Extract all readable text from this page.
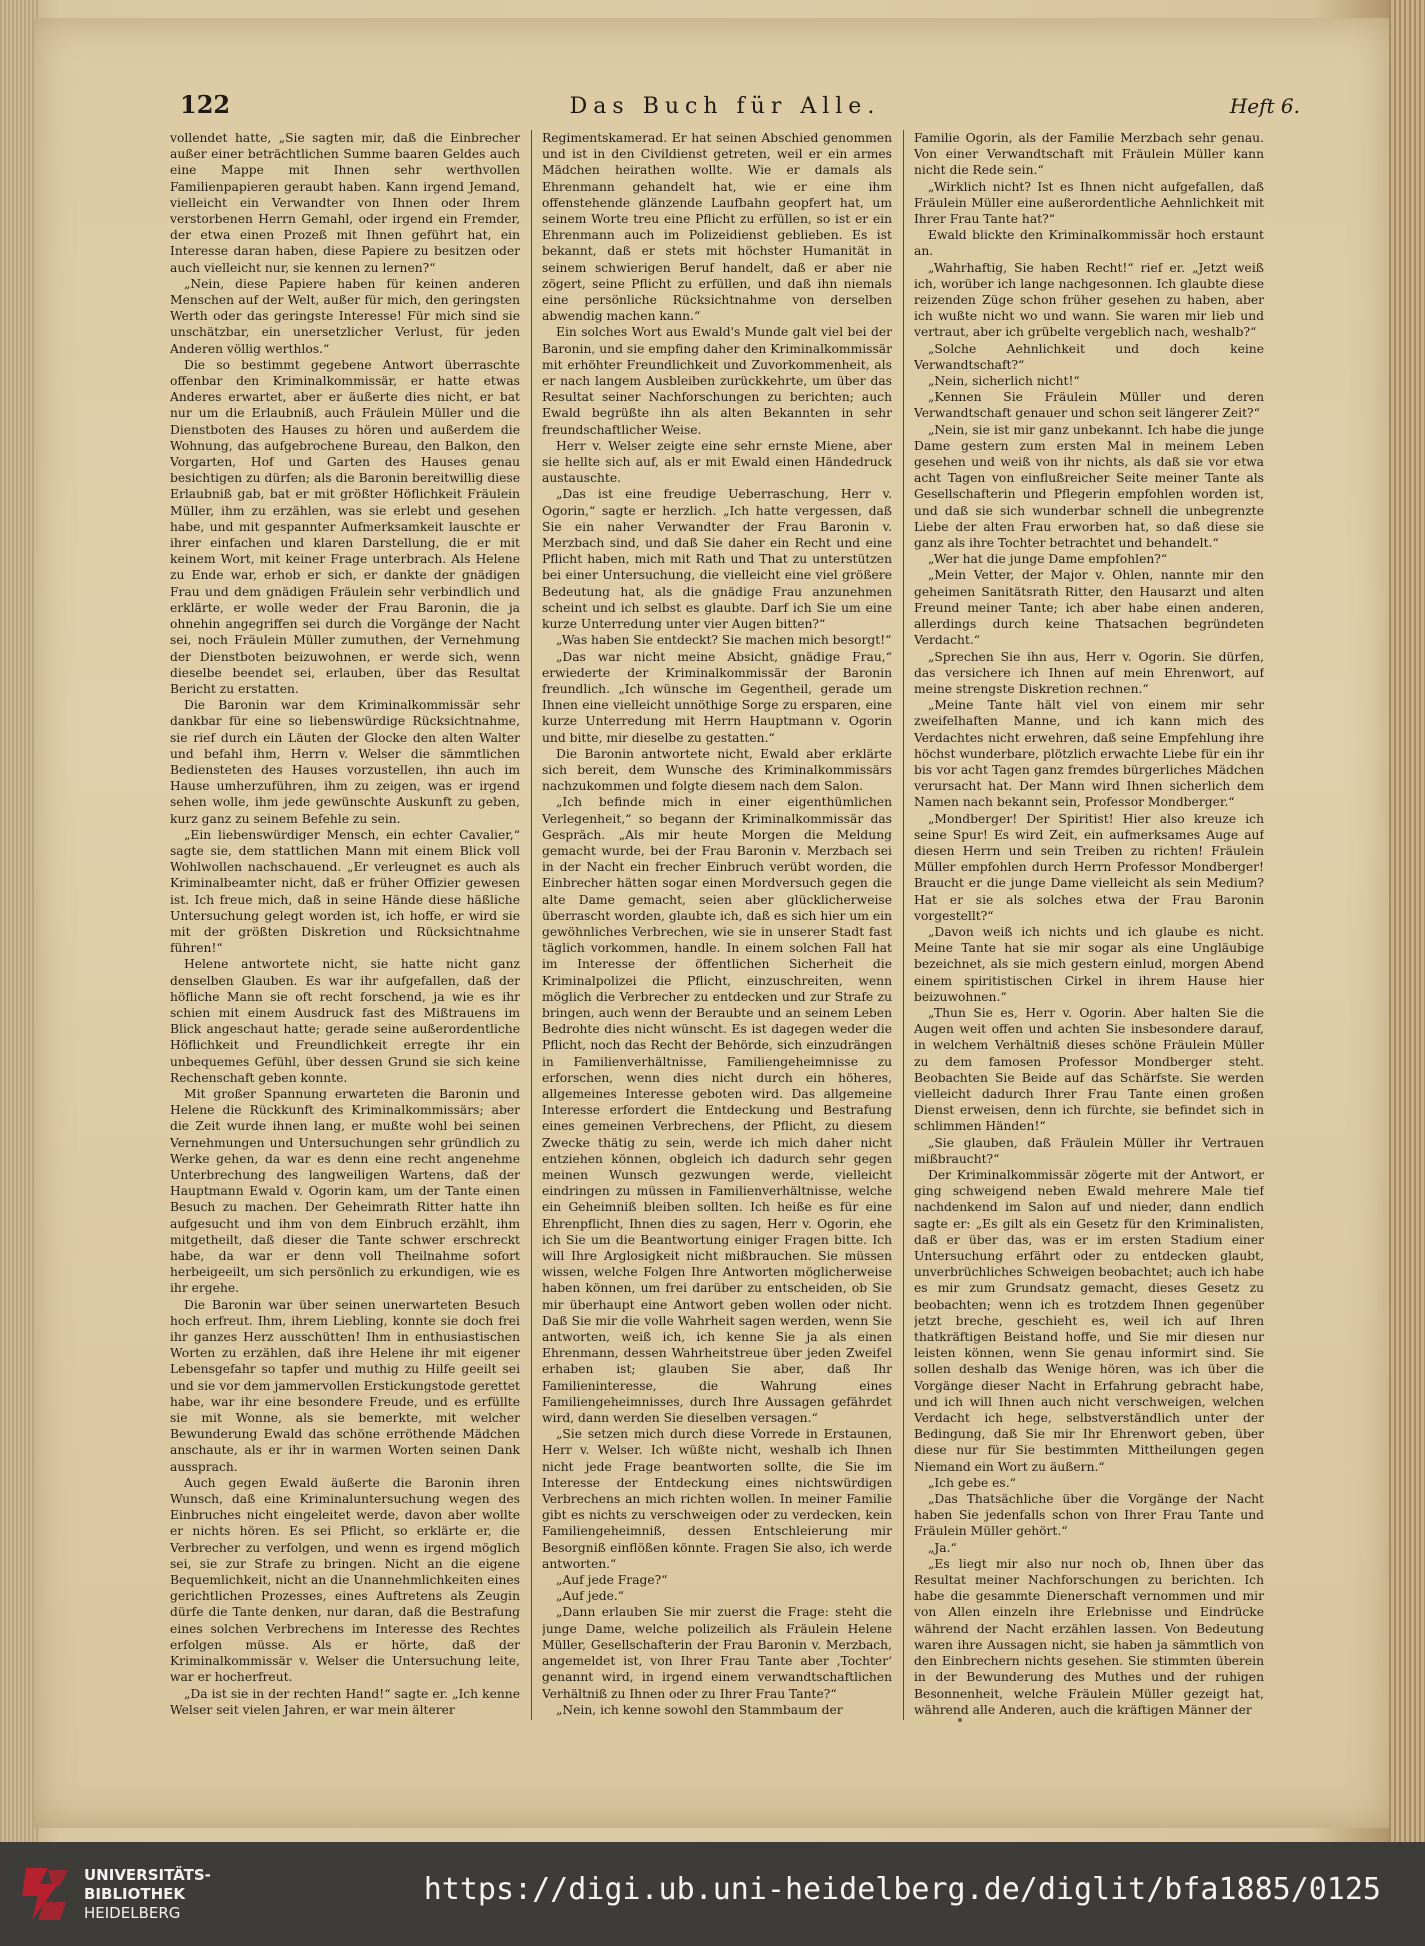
122	Das Buch für Alle.	Heft 6.

vollendet hatte, „Sie sagten mir, daß die Einbrecher außer einer beträchtlichen Summe baaren Geldes auch eine Mappe mit Ihnen sehr werthvollen Familienpapieren geraubt haben. Kann irgend Jemand, vielleicht ein Verwandter von Ihnen oder Ihrem verstorbenen Herrn Gemahl, oder irgend ein Fremder, der etwa einen Prozeß mit Ihnen geführt hat, ein Interesse daran haben, diese Papiere zu besitzen oder auch vielleicht nur, sie kennen zu lernen?“

„Nein, diese Papiere haben für keinen anderen Menschen auf der Welt, außer für mich, den geringsten Werth oder das geringste Interesse! Für mich sind sie unschätzbar, ein unersetzlicher Verlust, für jeden Anderen völlig werthlos.“

Die so bestimmt gegebene Antwort überraschte offenbar den Kriminalkommissär, er hatte etwas Anderes erwartet, aber er äußerte dies nicht, er bat nur um die Erlaubniß, auch Fräulein Müller und die Dienstboten des Hauses zu hören und außerdem die Wohnung, das aufgebrochene Bureau, den Balkon, den Vorgarten, Hof und Garten des Hauses genau besichtigen zu dürfen; als die Baronin bereitwillig diese Erlaubniß gab, bat er mit größter Höflichkeit Fräulein Müller, ihm zu erzählen, was sie erlebt und gesehen habe, und mit gespannter Aufmerksamkeit lauschte er ihrer einfachen und klaren Darstellung, die er mit keinem Wort, mit keiner Frage unterbrach. Als Helene zu Ende war, erhob er sich, er dankte der gnädigen Frau und dem gnädigen Fräulein sehr verbindlich und erklärte, er wolle weder der Frau Baronin, die ja ohnehin angegriffen sei durch die Vorgänge der Nacht sei, noch Fräulein Müller zumuthen, der Vernehmung der Dienstboten beizuwohnen, er werde sich, wenn dieselbe beendet sei, erlauben, über das Resultat Bericht zu erstatten.

Die Baronin war dem Kriminalkommissär sehr dankbar für eine so liebenswürdige Rücksichtnahme, sie rief durch ein Läuten der Glocke den alten Walter und befahl ihm, Herrn v. Welser die sämmtlichen Bediensteten des Hauses vorzustellen, ihn auch im Hause umherzuführen, ihm zu zeigen, was er irgend sehen wolle, ihm jede gewünschte Auskunft zu geben, kurz ganz zu seinem Befehle zu sein.

„Ein liebenswürdiger Mensch, ein echter Cavalier,“ sagte sie, dem stattlichen Mann mit einem Blick voll Wohlwollen nachschauend. „Er verleugnet es auch als Kriminalbeamter nicht, daß er früher Offizier gewesen ist. Ich freue mich, daß in seine Hände diese häßliche Untersuchung gelegt worden ist, ich hoffe, er wird sie mit der größten Diskretion und Rücksichtnahme führen!“

Helene antwortete nicht, sie hatte nicht ganz denselben Glauben. Es war ihr aufgefallen, daß der höfliche Mann sie oft recht forschend, ja wie es ihr schien mit einem Ausdruck fast des Mißtrauens im Blick angeschaut hatte; gerade seine außerordentliche Höflichkeit und Freundlichkeit erregte ihr ein unbequemes Gefühl, über dessen Grund sie sich keine Rechenschaft geben konnte.

Mit großer Spannung erwarteten die Baronin und Helene die Rückkunft des Kriminalkommissärs; aber die Zeit wurde ihnen lang, er mußte wohl bei seinen Vernehmungen und Untersuchungen sehr gründlich zu Werke gehen, da war es denn eine recht angenehme Unterbrechung des langweiligen Wartens, daß der Hauptmann Ewald v. Ogorin kam, um der Tante einen Besuch zu machen. Der Geheimrath Ritter hatte ihn aufgesucht und ihm von dem Einbruch erzählt, ihm mitgetheilt, daß dieser die Tante schwer erschreckt habe, da war er denn voll Theilnahme sofort herbeigeeilt, um sich persönlich zu erkundigen, wie es ihr ergehe.

Die Baronin war über seinen unerwarteten Besuch hoch erfreut. Ihm, ihrem Liebling, konnte sie doch frei ihr ganzes Herz ausschütten! Ihm in enthusiastischen Worten zu erzählen, daß ihre Helene ihr mit eigener Lebensgefahr so tapfer und muthig zu Hilfe geeilt sei und sie vor dem jammervollen Erstickungstode gerettet habe, war ihr eine besondere Freude, und es erfüllte sie mit Wonne, als sie bemerkte, mit welcher Bewunderung Ewald das schöne erröthende Mädchen anschaute, als er ihr in warmen Worten seinen Dank aussprach.

Auch gegen Ewald äußerte die Baronin ihren Wunsch, daß eine Kriminaluntersuchung wegen des Einbruches nicht eingeleitet werde, davon aber wollte er nichts hören. Es sei Pflicht, so erklärte er, die Verbrecher zu verfolgen, und wenn es irgend möglich sei, sie zur Strafe zu bringen. Nicht an die eigene Bequemlichkeit, nicht an die Unannehmlichkeiten eines gerichtlichen Prozesses, eines Auftretens als Zeugin dürfe die Tante denken, nur daran, daß die Bestrafung eines solchen Verbrechens im Interesse des Rechtes erfolgen müsse. Als er hörte, daß der Kriminalkommissär v. Welser die Untersuchung leite, war er hocherfreut.

„Da ist sie in der rechten Hand!“ sagte er. „Ich kenne Welser seit vielen Jahren, er war mein älterer

Regimentskamerad. Er hat seinen Abschied genommen und ist in den Civildienst getreten, weil er ein armes Mädchen heirathen wollte. Wie er damals als Ehrenmann gehandelt hat, wie er eine ihm offenstehende glänzende Laufbahn geopfert hat, um seinem Worte treu eine Pflicht zu erfüllen, so ist er ein Ehrenmann auch im Polizeidienst geblieben. Es ist bekannt, daß er stets mit höchster Humanität in seinem schwierigen Beruf handelt, daß er aber nie zögert, seine Pflicht zu erfüllen, und daß ihn niemals eine persönliche Rücksichtnahme von derselben abwendig machen kann.“

Ein solches Wort aus Ewald's Munde galt viel bei der Baronin, und sie empfing daher den Kriminalkommissär mit erhöhter Freundlichkeit und Zuvorkommenheit, als er nach langem Ausbleiben zurückkehrte, um über das Resultat seiner Nachforschungen zu berichten; auch Ewald begrüßte ihn als alten Bekannten in sehr freundschaftlicher Weise.

Herr v. Welser zeigte eine sehr ernste Miene, aber sie hellte sich auf, als er mit Ewald einen Händedruck austauschte.

„Das ist eine freudige Ueberraschung, Herr v. Ogorin,“ sagte er herzlich. „Ich hatte vergessen, daß Sie ein naher Verwandter der Frau Baronin v. Merzbach sind, und daß Sie daher ein Recht und eine Pflicht haben, mich mit Rath und That zu unterstützen bei einer Untersuchung, die vielleicht eine viel größere Bedeutung hat, als die gnädige Frau anzunehmen scheint und ich selbst es glaubte. Darf ich Sie um eine kurze Unterredung unter vier Augen bitten?“

„Was haben Sie entdeckt? Sie machen mich besorgt!“

„Das war nicht meine Absicht, gnädige Frau,“ erwiederte der Kriminalkommissär der Baronin freundlich. „Ich wünsche im Gegentheil, gerade um Ihnen eine vielleicht unnöthige Sorge zu ersparen, eine kurze Unterredung mit Herrn Hauptmann v. Ogorin und bitte, mir dieselbe zu gestatten.“

Die Baronin antwortete nicht, Ewald aber erklärte sich bereit, dem Wunsche des Kriminalkommissärs nachzukommen und folgte diesem nach dem Salon.

„Ich befinde mich in einer eigenthümlichen Verlegenheit,“ so begann der Kriminalkommissär das Gespräch. „Als mir heute Morgen die Meldung gemacht wurde, bei der Frau Baronin v. Merzbach sei in der Nacht ein frecher Einbruch verübt worden, die Einbrecher hätten sogar einen Mordversuch gegen die alte Dame gemacht, seien aber glücklicherweise überrascht worden, glaubte ich, daß es sich hier um ein gewöhnliches Verbrechen, wie sie in unserer Stadt fast täglich vorkommen, handle. In einem solchen Fall hat im Interesse der öffentlichen Sicherheit die Kriminalpolizei die Pflicht, einzuschreiten, wenn möglich die Verbrecher zu entdecken und zur Strafe zu bringen, auch wenn der Beraubte und an seinem Leben Bedrohte dies nicht wünscht. Es ist dagegen weder die Pflicht, noch das Recht der Behörde, sich einzudrängen in Familienverhältnisse, Familiengeheimnisse zu erforschen, wenn dies nicht durch ein höheres, allgemeines Interesse geboten wird. Das allgemeine Interesse erfordert die Entdeckung und Bestrafung eines gemeinen Verbrechens, der Pflicht, zu diesem Zwecke thätig zu sein, werde ich mich daher nicht entziehen können, obgleich ich dadurch sehr gegen meinen Wunsch gezwungen werde, vielleicht eindringen zu müssen in Familienverhältnisse, welche ein Geheimniß bleiben sollten. Ich heiße es für eine Ehrenpflicht, Ihnen dies zu sagen, Herr v. Ogorin, ehe ich Sie um die Beantwortung einiger Fragen bitte. Ich will Ihre Arglosigkeit nicht mißbrauchen. Sie müssen wissen, welche Folgen Ihre Antworten möglicherweise haben können, um frei darüber zu entscheiden, ob Sie mir überhaupt eine Antwort geben wollen oder nicht. Daß Sie mir die volle Wahrheit sagen werden, wenn Sie antworten, weiß ich, ich kenne Sie ja als einen Ehrenmann, dessen Wahrheitstreue über jeden Zweifel erhaben ist; glauben Sie aber, daß Ihr Familieninteresse, die Wahrung eines Familiengeheimnisses, durch Ihre Aussagen gefährdet wird, dann werden Sie dieselben versagen.“

„Sie setzen mich durch diese Vorrede in Erstaunen, Herr v. Welser. Ich wüßte nicht, weshalb ich Ihnen nicht jede Frage beantworten sollte, die Sie im Interesse der Entdeckung eines nichtswürdigen Verbrechens an mich richten wollen. In meiner Familie gibt es nichts zu verschweigen oder zu verdecken, kein Familiengeheimniß, dessen Entschleierung mir Besorgniß einflößen könnte. Fragen Sie also, ich werde antworten.“

„Auf jede Frage?“

„Auf jede.“

„Dann erlauben Sie mir zuerst die Frage: steht die junge Dame, welche polizeilich als Fräulein Helene Müller, Gesellschafterin der Frau Baronin v. Merzbach, angemeldet ist, von Ihrer Frau Tante aber ‚Tochter‘ genannt wird, in irgend einem verwandtschaftlichen Verhältniß zu Ihnen oder zu Ihrer Frau Tante?“

„Nein, ich kenne sowohl den Stammbaum der

Familie Ogorin, als der Familie Merzbach sehr genau. Von einer Verwandtschaft mit Fräulein Müller kann nicht die Rede sein.“

„Wirklich nicht? Ist es Ihnen nicht aufgefallen, daß Fräulein Müller eine außerordentliche Aehnlichkeit mit Ihrer Frau Tante hat?“

Ewald blickte den Kriminalkommissär hoch erstaunt an.

„Wahrhaftig, Sie haben Recht!“ rief er. „Jetzt weiß ich, worüber ich lange nachgesonnen. Ich glaubte diese reizenden Züge schon früher gesehen zu haben, aber ich wußte nicht wo und wann. Sie waren mir lieb und vertraut, aber ich grübelte vergeblich nach, weshalb?“

„Solche Aehnlichkeit und doch keine Verwandtschaft?“

„Nein, sicherlich nicht!“

„Kennen Sie Fräulein Müller und deren Verwandtschaft genauer und schon seit längerer Zeit?“

„Nein, sie ist mir ganz unbekannt. Ich habe die junge Dame gestern zum ersten Mal in meinem Leben gesehen und weiß von ihr nichts, als daß sie vor etwa acht Tagen von einflußreicher Seite meiner Tante als Gesellschafterin und Pflegerin empfohlen worden ist, und daß sie sich wunderbar schnell die unbegrenzte Liebe der alten Frau erworben hat, so daß diese sie ganz als ihre Tochter betrachtet und behandelt.“

„Wer hat die junge Dame empfohlen?“

„Mein Vetter, der Major v. Ohlen, nannte mir den geheimen Sanitätsrath Ritter, den Hausarzt und alten Freund meiner Tante; ich aber habe einen anderen, allerdings durch keine Thatsachen begründeten Verdacht.“

„Sprechen Sie ihn aus, Herr v. Ogorin. Sie dürfen, das versichere ich Ihnen auf mein Ehrenwort, auf meine strengste Diskretion rechnen.“

„Meine Tante hält viel von einem mir sehr zweifelhaften Manne, und ich kann mich des Verdachtes nicht erwehren, daß seine Empfehlung ihre höchst wunderbare, plötzlich erwachte Liebe für ein ihr bis vor acht Tagen ganz fremdes bürgerliches Mädchen verursacht hat. Der Mann wird Ihnen sicherlich dem Namen nach bekannt sein, Professor Mondberger.“

„Mondberger! Der Spiritist! Hier also kreuze ich seine Spur! Es wird Zeit, ein aufmerksames Auge auf diesen Herrn und sein Treiben zu richten! Fräulein Müller empfohlen durch Herrn Professor Mondberger! Braucht er die junge Dame vielleicht als sein Medium? Hat er sie als solches etwa der Frau Baronin vorgestellt?“

„Davon weiß ich nichts und ich glaube es nicht. Meine Tante hat sie mir sogar als eine Ungläubige bezeichnet, als sie mich gestern einlud, morgen Abend einem spiritistischen Cirkel in ihrem Hause hier beizuwohnen.“

„Thun Sie es, Herr v. Ogorin. Aber halten Sie die Augen weit offen und achten Sie insbesondere darauf, in welchem Verhältniß dieses schöne Fräulein Müller zu dem famosen Professor Mondberger steht. Beobachten Sie Beide auf das Schärfste. Sie werden vielleicht dadurch Ihrer Frau Tante einen großen Dienst erweisen, denn ich fürchte, sie befindet sich in schlimmen Händen!“

„Sie glauben, daß Fräulein Müller ihr Vertrauen mißbraucht?“

Der Kriminalkommissär zögerte mit der Antwort, er ging schweigend neben Ewald mehrere Male tief nachdenkend im Salon auf und nieder, dann endlich sagte er: „Es gilt als ein Gesetz für den Kriminalisten, daß er über das, was er im ersten Stadium einer Untersuchung erfährt oder zu entdecken glaubt, unverbrüchliches Schweigen beobachtet; auch ich habe es mir zum Grundsatz gemacht, dieses Gesetz zu beobachten; wenn ich es trotzdem Ihnen gegenüber jetzt breche, geschieht es, weil ich auf Ihren thatkräftigen Beistand hoffe, und Sie mir diesen nur leisten können, wenn Sie genau informirt sind. Sie sollen deshalb das Wenige hören, was ich über die Vorgänge dieser Nacht in Erfahrung gebracht habe, und ich will Ihnen auch nicht verschweigen, welchen Verdacht ich hege, selbstverständlich unter der Bedingung, daß Sie mir Ihr Ehrenwort geben, über diese nur für Sie bestimmten Mittheilungen gegen Niemand ein Wort zu äußern.“

„Ich gebe es.“

„Das Thatsächliche über die Vorgänge der Nacht haben Sie jedenfalls schon von Ihrer Frau Tante und Fräulein Müller gehört.“

„Ja.“

„Es liegt mir also nur noch ob, Ihnen über das Resultat meiner Nachforschungen zu berichten. Ich habe die gesammte Dienerschaft vernommen und mir von Allen einzeln ihre Erlebnisse und Eindrücke während der Nacht erzählen lassen. Von Bedeutung waren ihre Aussagen nicht, sie haben ja sämmtlich von den Einbrechern nichts gesehen. Sie stimmten überein in der Bewunderung des Muthes und der ruhigen Besonnenheit, welche Fräulein Müller gezeigt hat, während alle Anderen, auch die kräftigen Männer der

UNIVERSITÄTS-
BIBLIOTHEK
HEIDELBERG
https://digi.ub.uni-heidelberg.de/diglit/bfa1885/0125
